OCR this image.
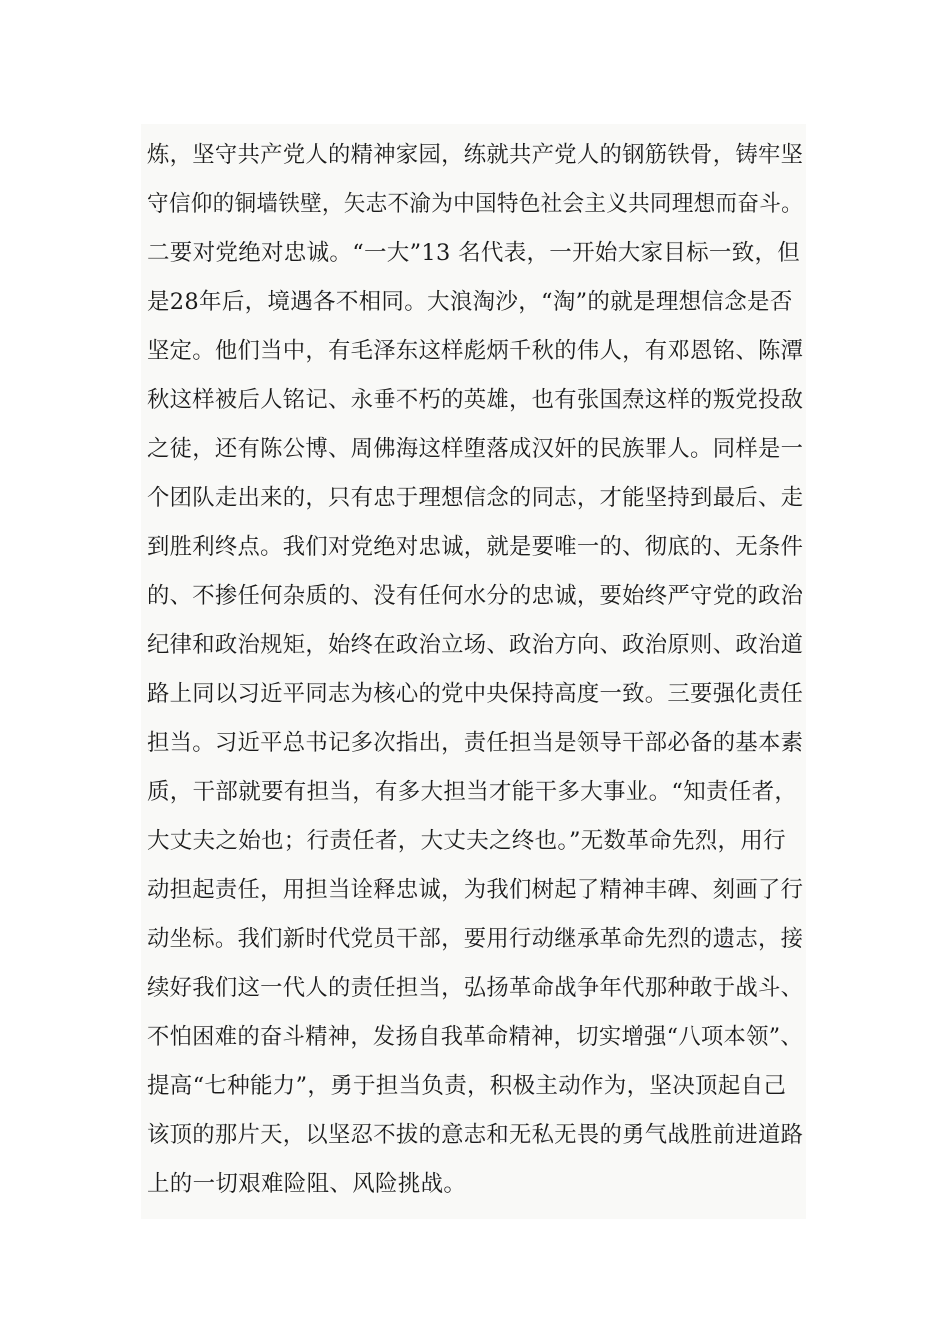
炼，坚守共产党人的精神家园，练就共产党人的钢筋铁骨，铸牢坚
守信仰的铜墙铁壁，矢志不渝为中国特色社会主义共同理想而奋斗。
二要对党绝对忠诚。“一大”13 名代表，一开始大家目标一致，但
是28年后，境遇各不相同。大浪淘沙，“淘”的就是理想信念是否
坚定。他们当中，有毛泽东这样彪炳千秋的伟人，有邓恩铭、陈潭
秋这样被后人铭记、永垂不朽的英雄，也有张国焘这样的叛党投敌
之徒，还有陈公博、周佛海这样堕落成汉奸的民族罪人。同样是一
个团队走出来的，只有忠于理想信念的同志，才能坚持到最后、走
到胜利终点。我们对党绝对忠诚，就是要唯一的、彻底的、无条件
的、不掺任何杂质的、没有任何水分的忠诚，要始终严守党的政治
纪律和政治规矩，始终在政治立场、政治方向、政治原则、政治道
路上同以习近平同志为核心的党中央保持高度一致。三要强化责任
担当。习近平总书记多次指出，责任担当是领导干部必备的基本素
质，干部就要有担当，有多大担当才能干多大事业。“知责任者，
大丈夫之始也；行责任者，大丈夫之终也。”无数革命先烈，用行
动担起责任，用担当诠释忠诚，为我们树起了精神丰碑、刻画了行
动坐标。我们新时代党员干部，要用行动继承革命先烈的遗志，接
续好我们这一代人的责任担当，弘扬革命战争年代那种敢于战斗、
不怕困难的奋斗精神，发扬自我革命精神，切实增强“八项本领”、
提高“七种能力”，勇于担当负责，积极主动作为，坚决顶起自己
该顶的那片天，以坚忍不拔的意志和无私无畏的勇气战胜前进道路
上的一切艰难险阻、风险挑战。
